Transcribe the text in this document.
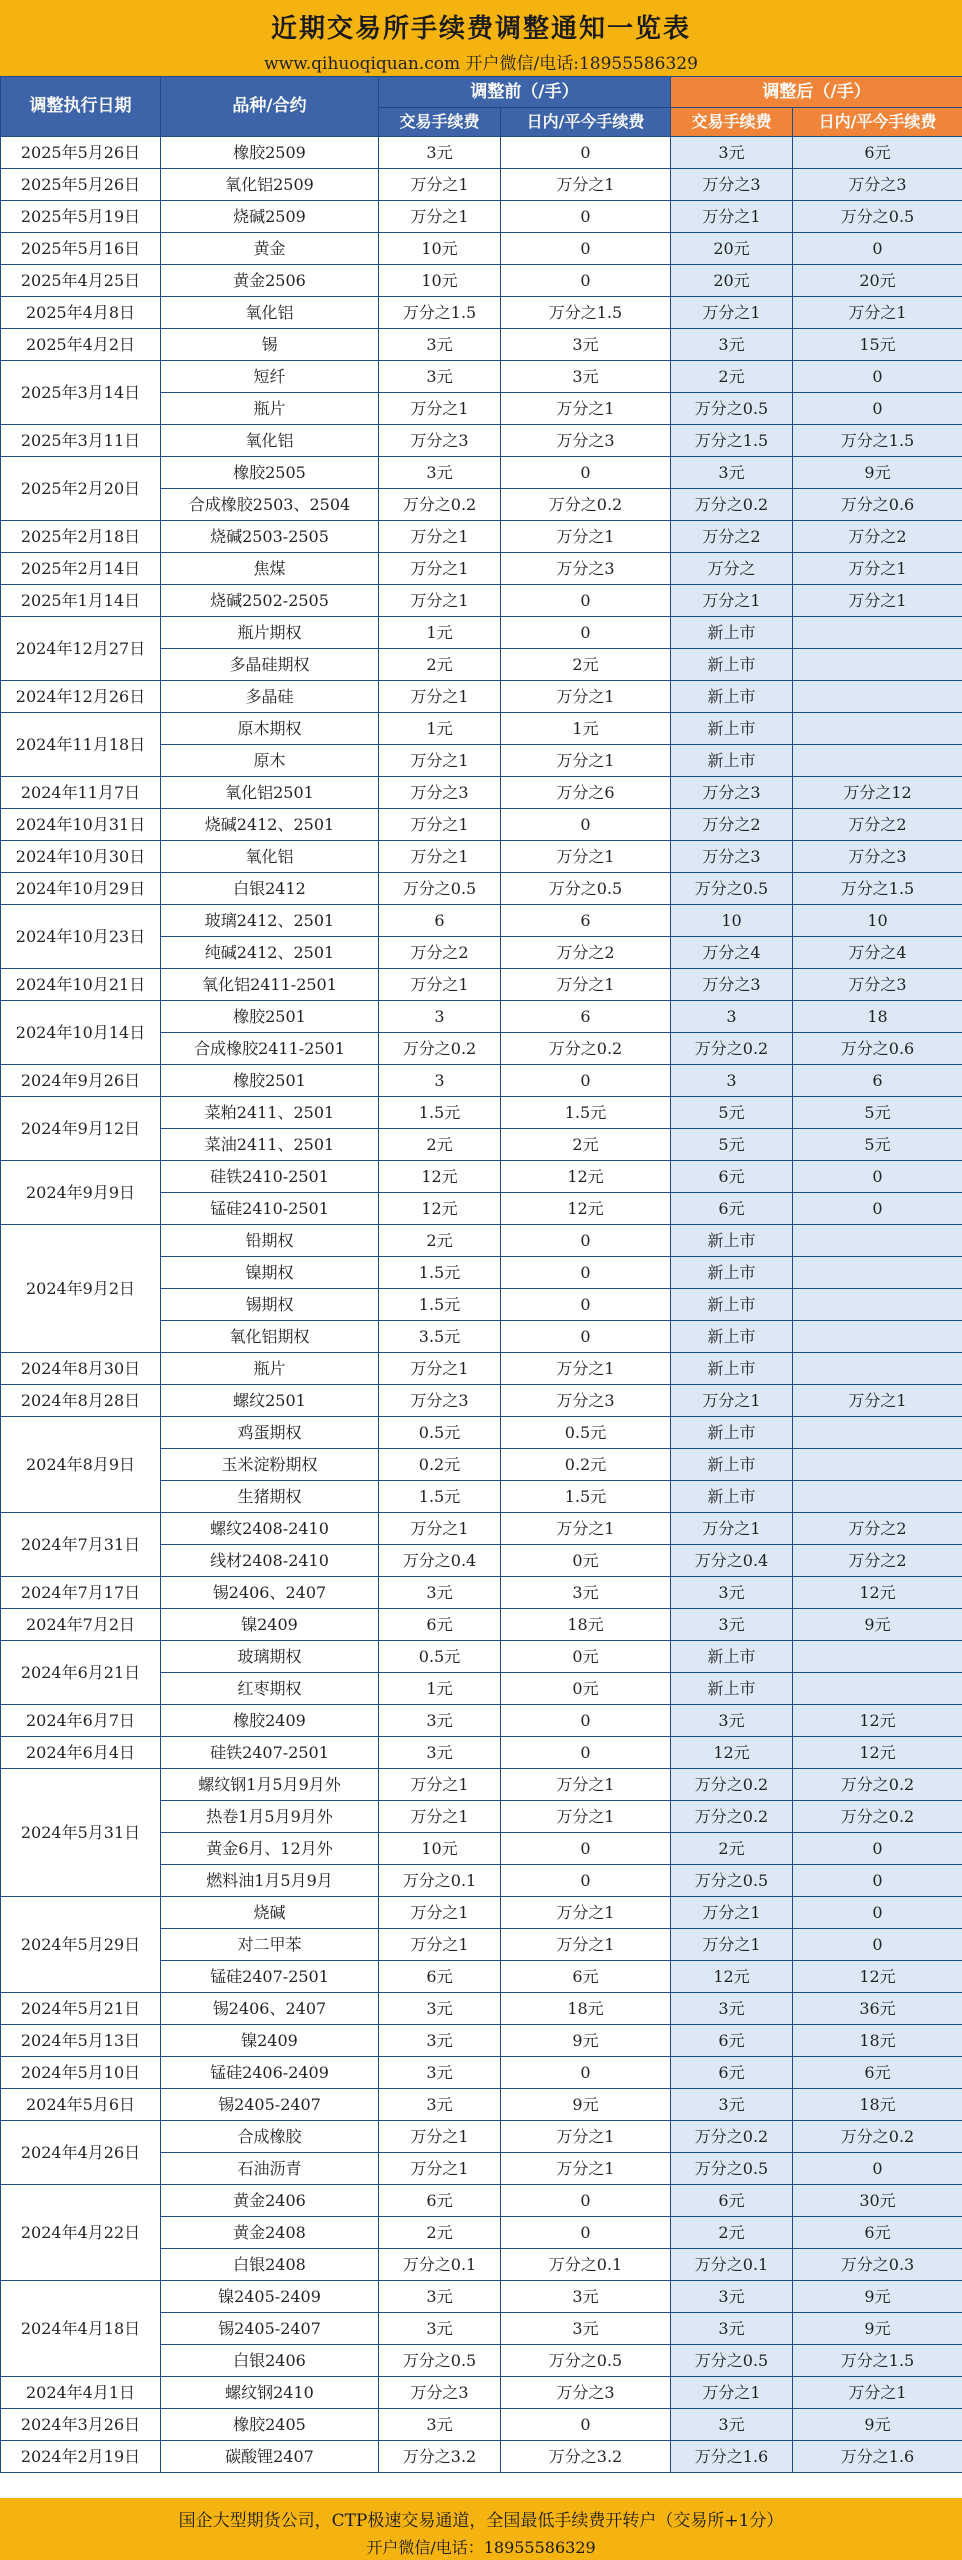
近期交易所手续费调整通知一览表
www.qihuoqiquan.com 开户微信/电话:18955586329
调整执行日期	品种/合约	调整前（/手）		调整后（/手）	
		交易手续费	日内/平今手续费	交易手续费	日内/平今手续费
2025年5月26日	橡胶2509	3元	0	3元	6元
2025年5月26日	氧化铝2509	万分之1	万分之1	万分之3	万分之3
2025年5月19日	烧碱2509	万分之1	0	万分之1	万分之0.5
2025年5月16日	黄金	10元	0	20元	0
2025年4月25日	黄金2506	10元	0	20元	20元
2025年4月8日	氧化铝	万分之1.5	万分之1.5	万分之1	万分之1
2025年4月2日	锡	3元	3元	3元	15元
2025年3月14日	短纤	3元	3元	2元	0
	瓶片	万分之1	万分之1	万分之0.5	0
2025年3月11日	氧化铝	万分之3	万分之3	万分之1.5	万分之1.5
2025年2月20日	橡胶2505	3元	0	3元	9元
	合成橡胶2503、2504	万分之0.2	万分之0.2	万分之0.2	万分之0.6
2025年2月18日	烧碱2503-2505	万分之1	万分之1	万分之2	万分之2
2025年2月14日	焦煤	万分之1	万分之3	万分之	万分之1
2025年1月14日	烧碱2502-2505	万分之1	0	万分之1	万分之1
2024年12月27日	瓶片期权	1元	0	新上市	
	多晶硅期权	2元	2元	新上市	
2024年12月26日	多晶硅	万分之1	万分之1	新上市	
2024年11月18日	原木期权	1元	1元	新上市	
	原木	万分之1	万分之1	新上市	
2024年11月7日	氧化铝2501	万分之3	万分之6	万分之3	万分之12
2024年10月31日	烧碱2412、2501	万分之1	0	万分之2	万分之2
2024年10月30日	氧化铝	万分之1	万分之1	万分之3	万分之3
2024年10月29日	白银2412	万分之0.5	万分之0.5	万分之0.5	万分之1.5
2024年10月23日	玻璃2412、2501	6	6	10	10
	纯碱2412、2501	万分之2	万分之2	万分之4	万分之4
2024年10月21日	氧化铝2411-2501	万分之1	万分之1	万分之3	万分之3
2024年10月14日	橡胶2501	3	6	3	18
	合成橡胶2411-2501	万分之0.2	万分之0.2	万分之0.2	万分之0.6
2024年9月26日	橡胶2501	3	0	3	6
2024年9月12日	菜粕2411、2501	1.5元	1.5元	5元	5元
	菜油2411、2501	2元	2元	5元	5元
2024年9月9日	硅铁2410-2501	12元	12元	6元	0
	锰硅2410-2501	12元	12元	6元	0
2024年9月2日	铅期权	2元	0	新上市	
	镍期权	1.5元	0	新上市	
	锡期权	1.5元	0	新上市	
	氧化铝期权	3.5元	0	新上市	
2024年8月30日	瓶片	万分之1	万分之1	新上市	
2024年8月28日	螺纹2501	万分之3	万分之3	万分之1	万分之1
2024年8月9日	鸡蛋期权	0.5元	0.5元	新上市	
	玉米淀粉期权	0.2元	0.2元	新上市	
	生猪期权	1.5元	1.5元	新上市	
2024年7月31日	螺纹2408-2410	万分之1	万分之1	万分之1	万分之2
	线材2408-2410	万分之0.4	0元	万分之0.4	万分之2
2024年7月17日	锡2406、2407	3元	3元	3元	12元
2024年7月2日	镍2409	6元	18元	3元	9元
2024年6月21日	玻璃期权	0.5元	0元	新上市	
	红枣期权	1元	0元	新上市	
2024年6月7日	橡胶2409	3元	0	3元	12元
2024年6月4日	硅铁2407-2501	3元	0	12元	12元
2024年5月31日	螺纹钢1月5月9月外	万分之1	万分之1	万分之0.2	万分之0.2
	热卷1月5月9月外	万分之1	万分之1	万分之0.2	万分之0.2
	黄金6月、12月外	10元	0	2元	0
	燃料油1月5月9月	万分之0.1	0	万分之0.5	0
2024年5月29日	烧碱	万分之1	万分之1	万分之1	0
	对二甲苯	万分之1	万分之1	万分之1	0
	锰硅2407-2501	6元	6元	12元	12元
2024年5月21日	锡2406、2407	3元	18元	3元	36元
2024年5月13日	镍2409	3元	9元	6元	18元
2024年5月10日	锰硅2406-2409	3元	0	6元	6元
2024年5月6日	锡2405-2407	3元	9元	3元	18元
2024年4月26日	合成橡胶	万分之1	万分之1	万分之0.2	万分之0.2
	石油沥青	万分之1	万分之1	万分之0.5	0
2024年4月22日	黄金2406	6元	0	6元	30元
	黄金2408	2元	0	2元	6元
	白银2408	万分之0.1	万分之0.1	万分之0.1	万分之0.3
2024年4月18日	镍2405-2409	3元	3元	3元	9元
	锡2405-2407	3元	3元	3元	9元
	白银2406	万分之0.5	万分之0.5	万分之0.5	万分之1.5
2024年4月1日	螺纹钢2410	万分之3	万分之3	万分之1	万分之1
2024年3月26日	橡胶2405	3元	0	3元	9元
2024年2月19日	碳酸锂2407	万分之3.2	万分之3.2	万分之1.6	万分之1.6
国企大型期货公司，CTP极速交易通道，全国最低手续费开转户（交易所+1分）
开户微信/电话：18955586329
